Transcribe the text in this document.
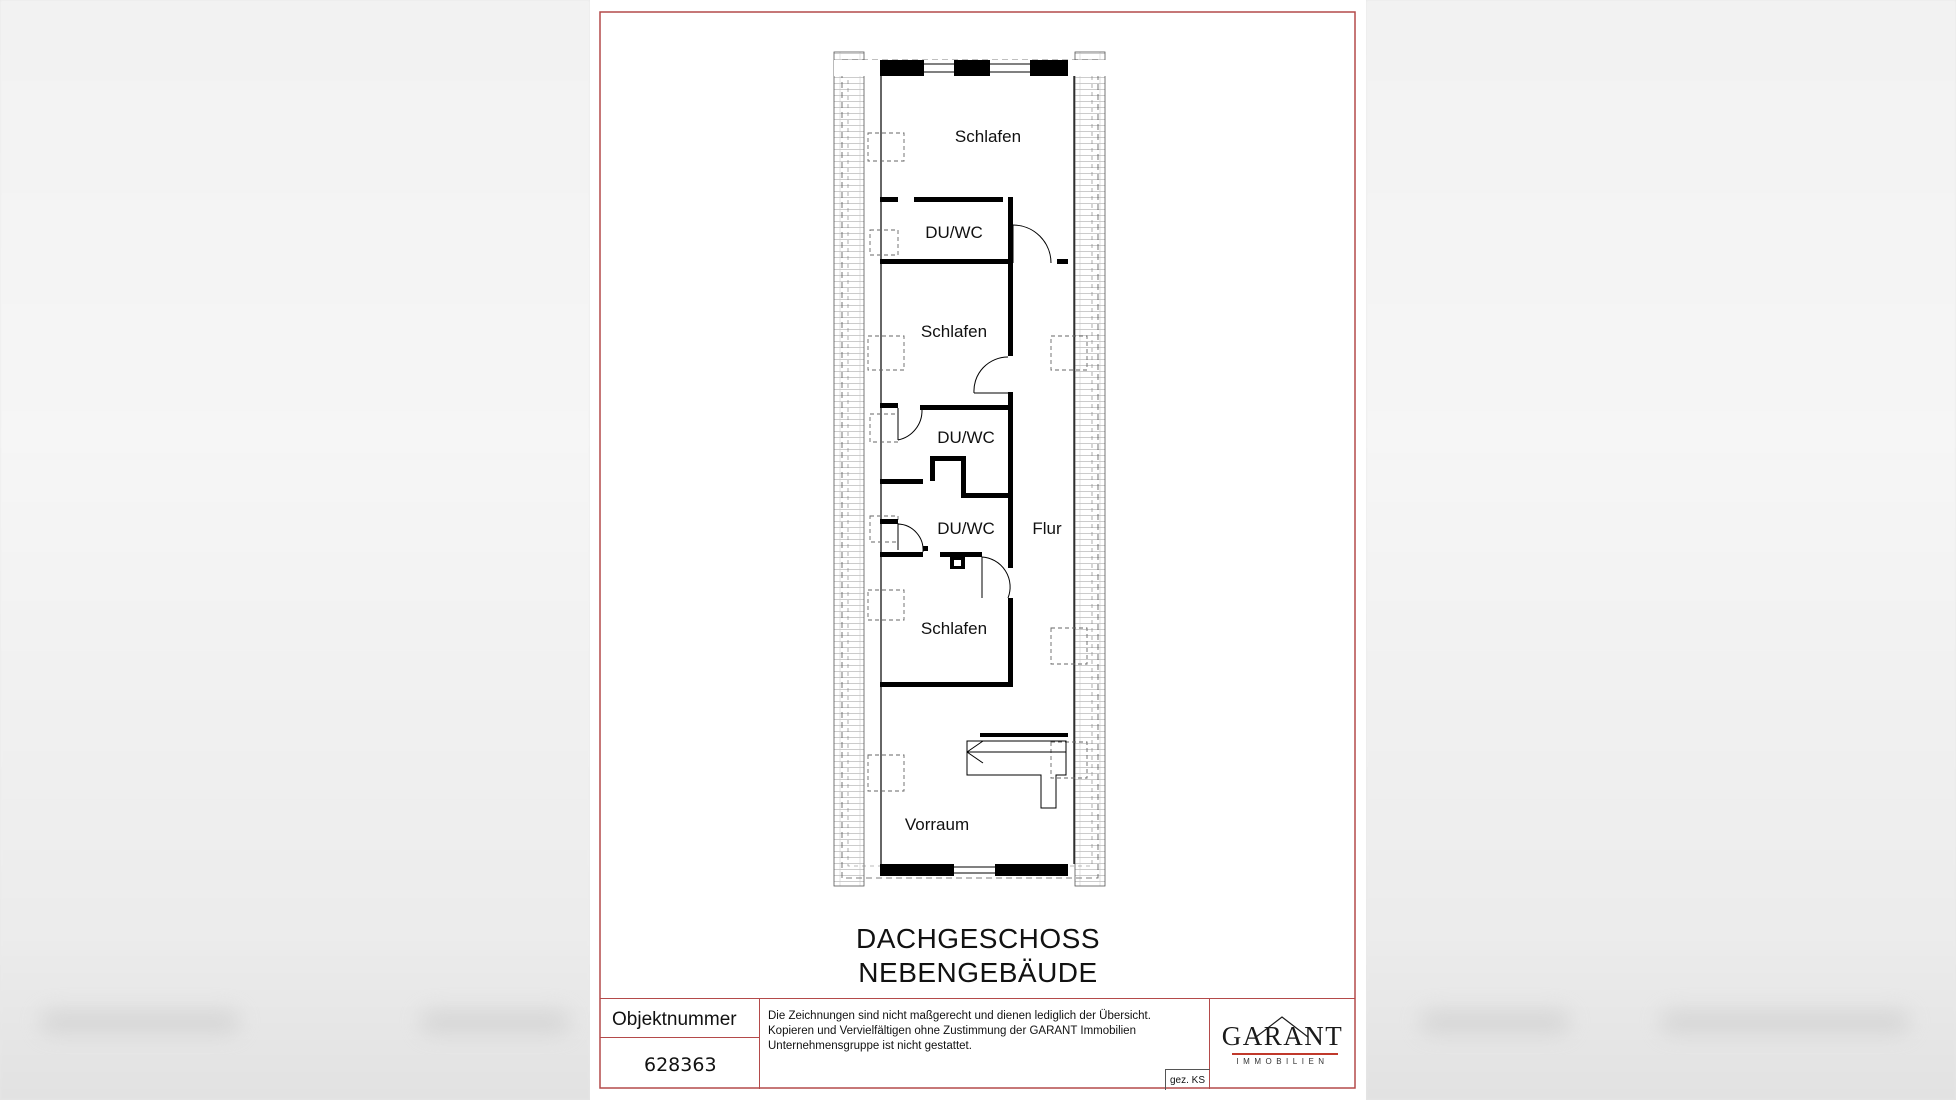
Schlafen
DU/WC
Schlafen
DU/WC
DU/WC Flur
Schlafen
Vorraum
DACHGESCHOSS
NEBENGEBÄUDE
Objektnummer
628363
Die Zeichnungen sind nicht maßgerecht und dienen lediglich der Übersicht.
Kopieren und Vervielfältigen ohne Zustimmung der GARANT Immobilien
Unternehmensgruppe ist nicht gestattet.
gez. KS
GARANT
IMMOBILIEN
